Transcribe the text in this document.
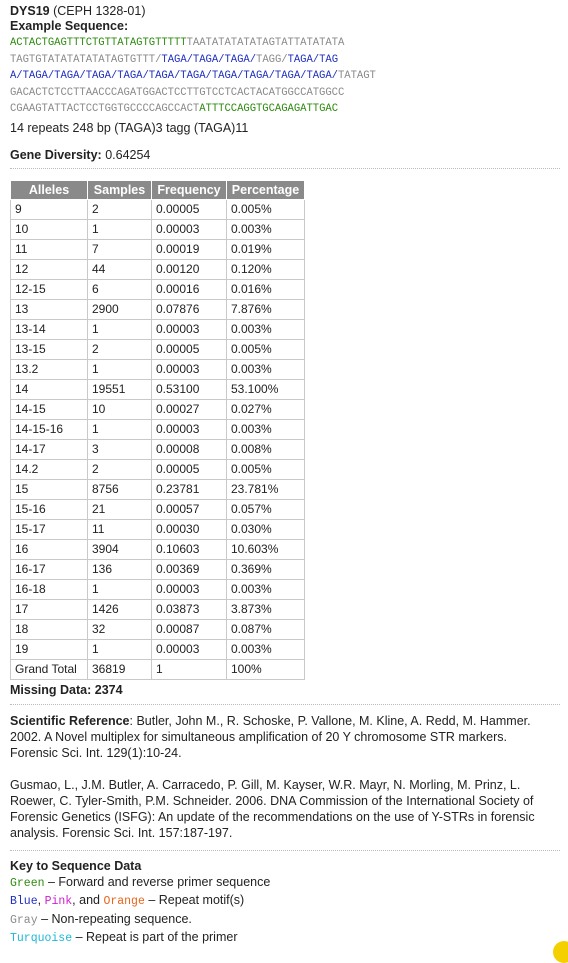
DYS19 (CEPH 1328-01)
Example Sequence:
ACTACTGAGTTTCTGTTATAGTGTTTTTTAATATATATATAGTATTATATATA
TAGTGTATATATATATAGTGTTT/TAGA/TAGA/TAGA/TAGG/TAGA/TAG
A/TAGA/TAGA/TAGA/TAGA/TAGA/TAGA/TAGA/TAGA/TAGA/TAGA/TATAGT
GACACTCTCCTTAACCCAGATGGACTCCTTGTCCTCACTACATGGCCATGGCC
CGAAGTATTACTCCTGGTGCCCCAGCCACTATTTCCAGGTGCAGAGATTGAC
14 repeats 248 bp (TAGA)3 tagg (TAGA)11
Gene Diversity: 0.64254
Alleles	Samples	Frequency	Percentage
9	2	0.00005	0.005%
10	1	0.00003	0.003%
11	7	0.00019	0.019%
12	44	0.00120	0.120%
12-15	6	0.00016	0.016%
13	2900	0.07876	7.876%
13-14	1	0.00003	0.003%
13-15	2	0.00005	0.005%
13.2	1	0.00003	0.003%
14	19551	0.53100	53.100%
14-15	10	0.00027	0.027%
14-15-16	1	0.00003	0.003%
14-17	3	0.00008	0.008%
14.2	2	0.00005	0.005%
15	8756	0.23781	23.781%
15-16	21	0.00057	0.057%
15-17	11	0.00030	0.030%
16	3904	0.10603	10.603%
16-17	136	0.00369	0.369%
16-18	1	0.00003	0.003%
17	1426	0.03873	3.873%
18	32	0.00087	0.087%
19	1	0.00003	0.003%
Grand Total	36819	1	100%
Missing Data: 2374
Scientific Reference: Butler, John M., R. Schoske, P. Vallone, M. Kline, A. Redd, M. Hammer. 2002. A Novel multiplex for simultaneous amplification of 20 Y chromosome STR markers. Forensic Sci. Int. 129(1):10-24.
Gusmao, L., J.M. Butler, A. Carracedo, P. Gill, M. Kayser, W.R. Mayr, N. Morling, M. Prinz, L. Roewer, C. Tyler-Smith, P.M. Schneider. 2006. DNA Commission of the International Society of Forensic Genetics (ISFG): An update of the recommendations on the use of Y-STRs in forensic analysis. Forensic Sci. Int. 157:187-197.
Key to Sequence Data
Green – Forward and reverse primer sequence
Blue, Pink, and Orange – Repeat motif(s)
Gray – Non-repeating sequence.
Turquoise – Repeat is part of the primer
